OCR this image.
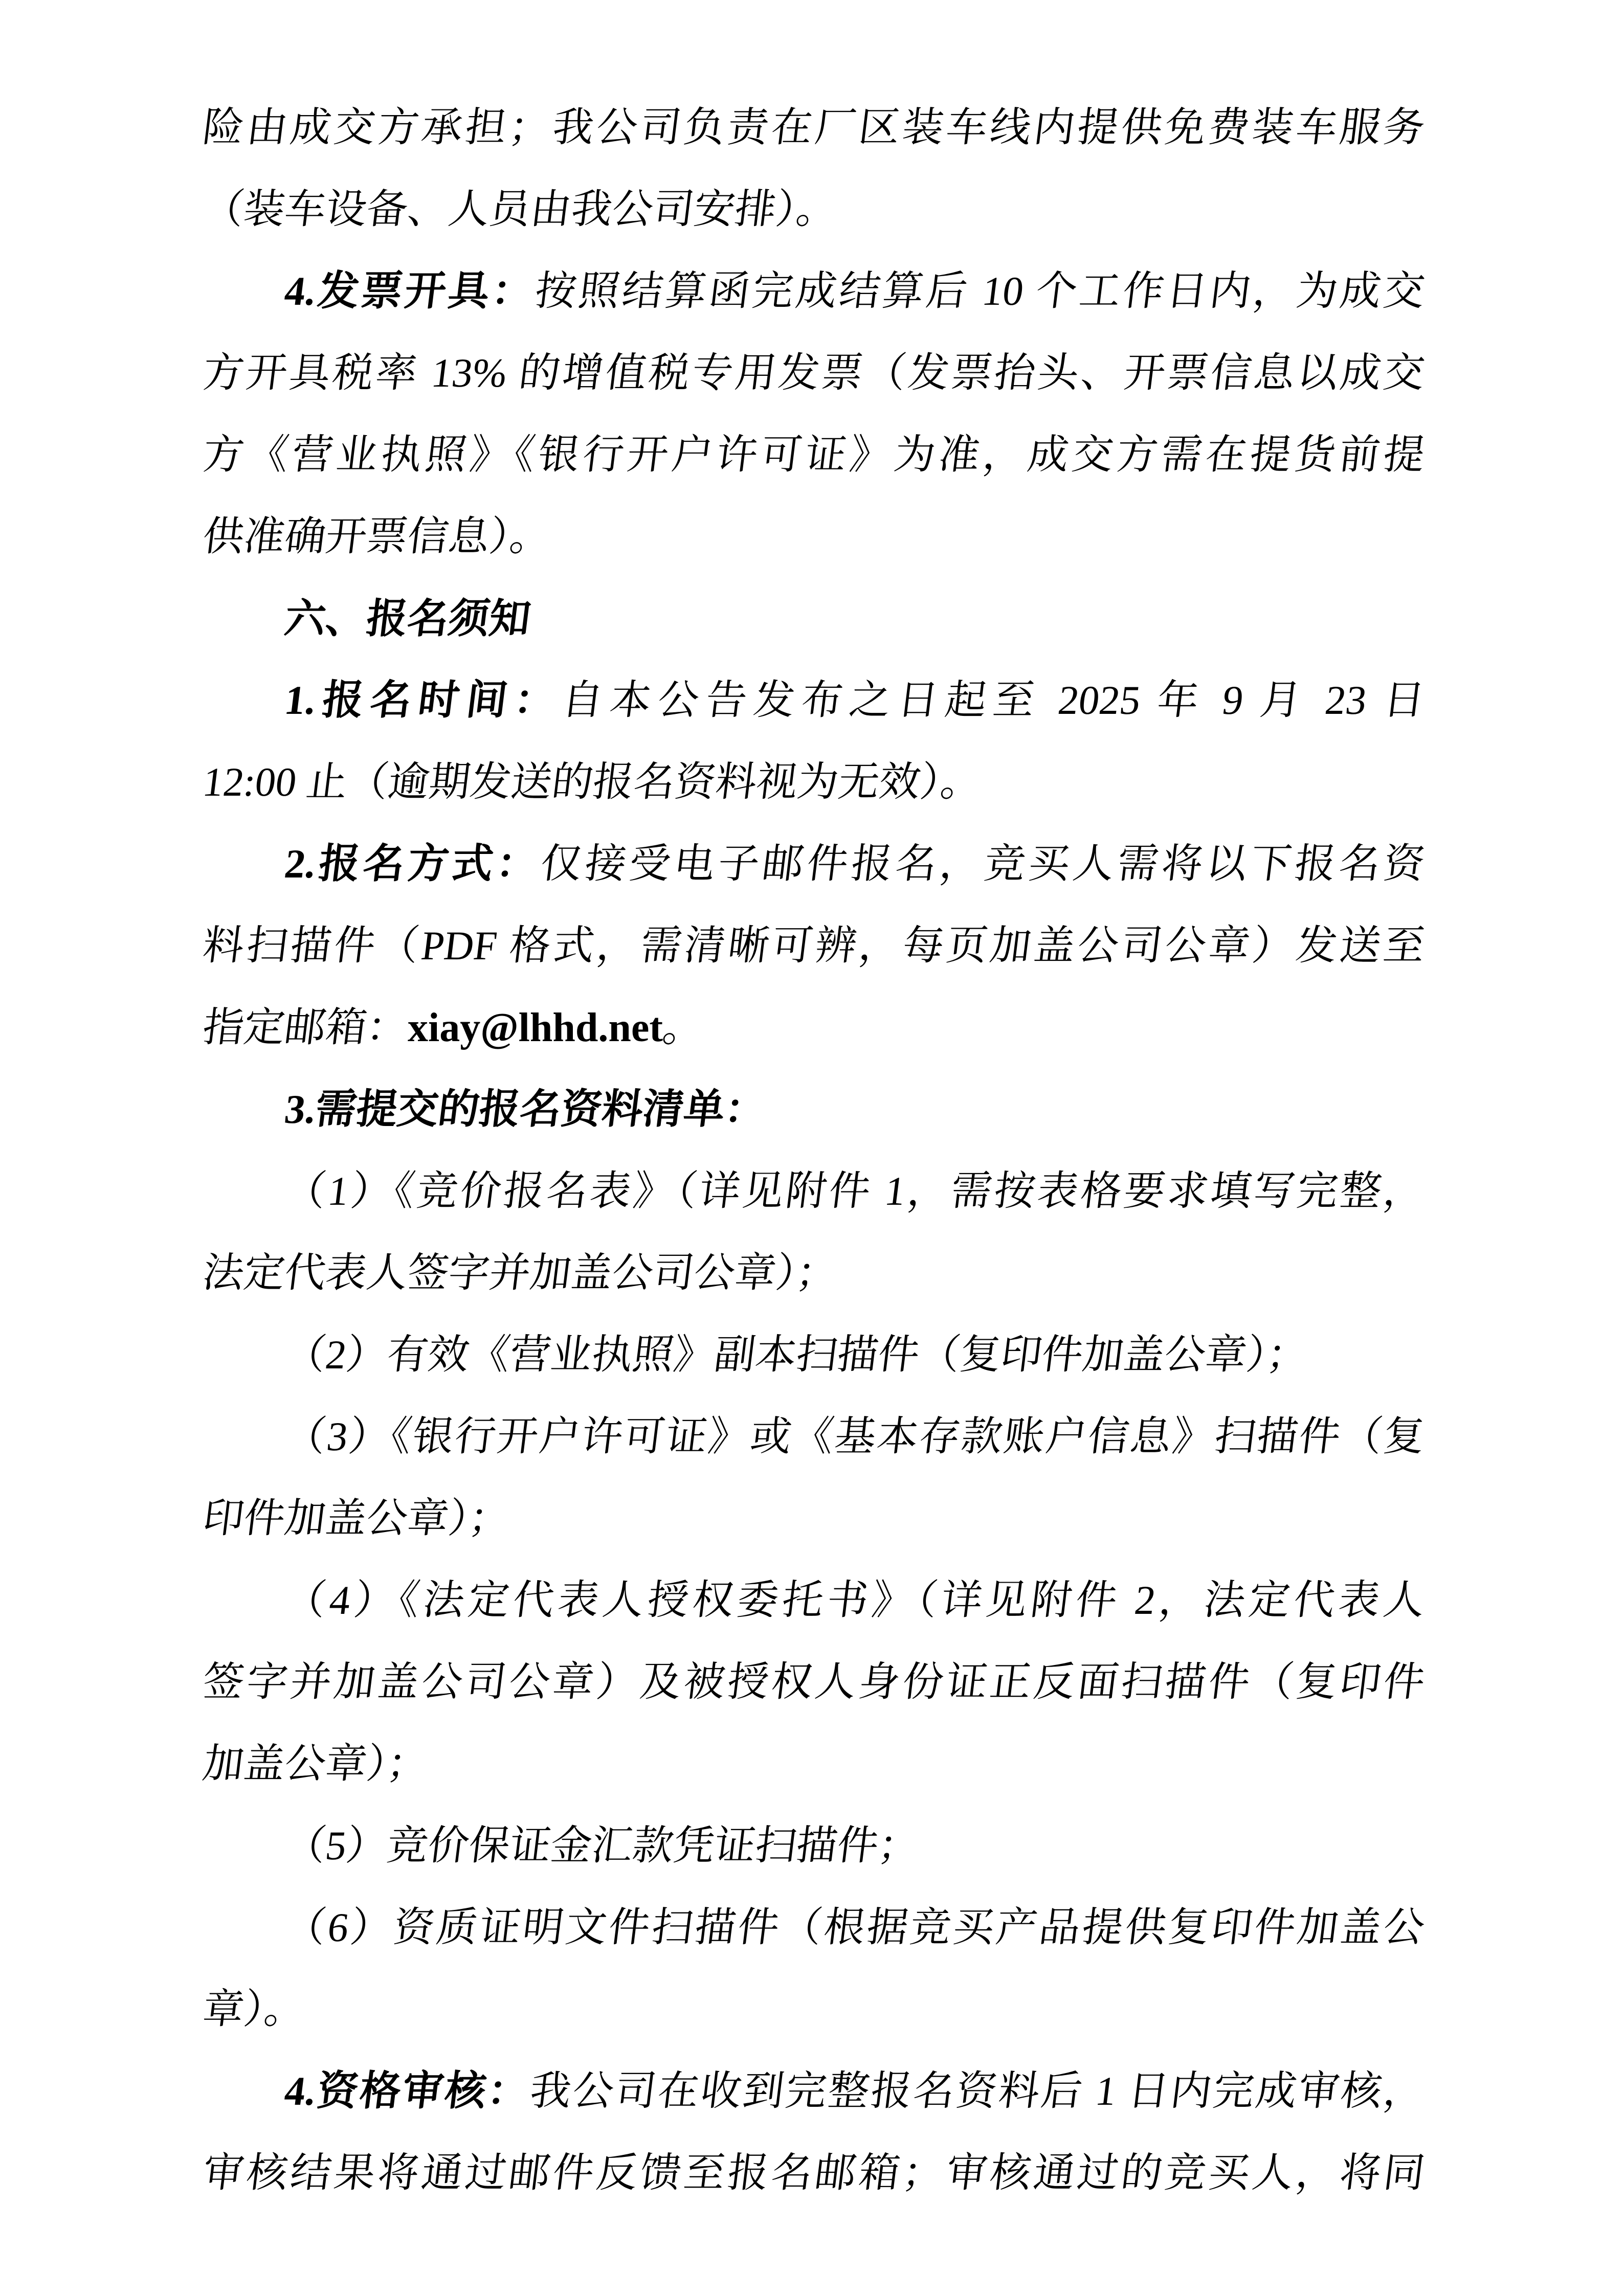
险由成交方承担；我公司负责在厂区装车线内提供免费装车服务
（装车设备、人员由我公司安排）。
4.发票开具：按照结算函完成结算后 10 个工作日内，为成交
方开具税率 13% 的增值税专用发票（发票抬头、开票信息以成交
方《营业执照》《银行开户许可证》为准，成交方需在提货前提
供准确开票信息）。
六、报名须知
1.报名时间：自本公告发布之日起至 2025 年 9 月 23 日
12:00 止（逾期发送的报名资料视为无效）。
2.报名方式：仅接受电子邮件报名，竞买人需将以下报名资
料扫描件（PDF 格式，需清晰可辨，每页加盖公司公章）发送至
指定邮箱：xiay@lhhd.net。
3.需提交的报名资料清单：
（1）《竞价报名表》（详见附件 1，需按表格要求填写完整，
法定代表人签字并加盖公司公章）；
（2）有效《营业执照》副本扫描件（复印件加盖公章）；
（3）《银行开户许可证》或《基本存款账户信息》扫描件（复
印件加盖公章）；
（4）《法定代表人授权委托书》（详见附件 2，法定代表人
签字并加盖公司公章）及被授权人身份证正反面扫描件（复印件
加盖公章）；
（5）竞价保证金汇款凭证扫描件；
（6）资质证明文件扫描件（根据竞买产品提供复印件加盖公
章）。
4.资格审核：我公司在收到完整报名资料后 1 日内完成审核，
审核结果将通过邮件反馈至报名邮箱；审核通过的竞买人，将同
